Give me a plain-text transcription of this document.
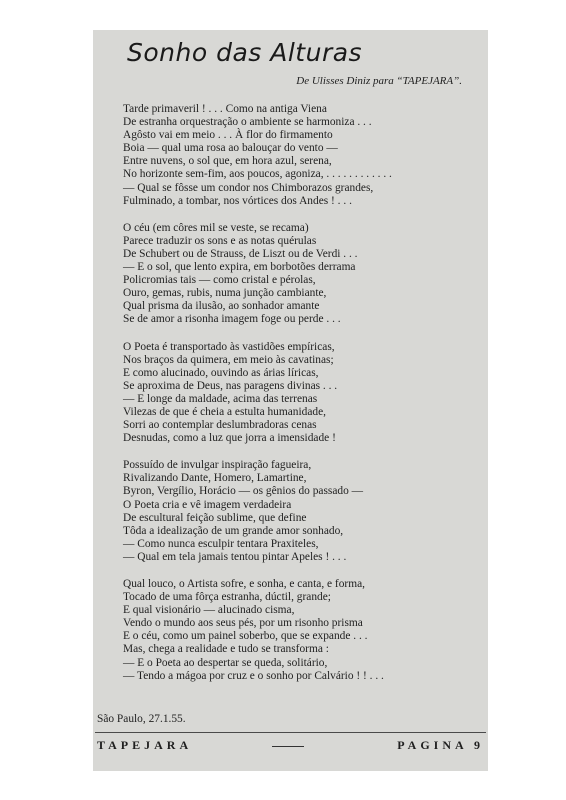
Sonho das Alturas
De Ulisses Diniz para “TAPEJARA”.
Tarde primaveril ! . . . Como na antiga Viena
De estranha orquestração o ambiente se harmoniza . . .
Agôsto vai em meio . . . À flor do firmamento
Boia — qual uma rosa ao balouçar do vento —
Entre nuvens, o sol que, em hora azul, serena,
No horizonte sem-fim, aos poucos, agoniza, . . . . . . . . . . . .
— Qual se fôsse um condor nos Chimborazos grandes,
Fulminado, a tombar, nos vórtices dos Andes ! . . .
O céu (em côres mil se veste, se recama)
Parece traduzir os sons e as notas quérulas
De Schubert ou de Strauss, de Liszt ou de Verdi . . .
— E o sol, que lento expira, em borbotões derrama
Policromias tais — como cristal e pérolas,
Ouro, gemas, rubis, numa junção cambiante,
Qual prisma da ilusão, ao sonhador amante
Se de amor a risonha imagem foge ou perde . . .
O Poeta é transportado às vastidões empíricas,
Nos braços da quimera, em meio às cavatinas;
E como alucinado, ouvindo as árias líricas,
Se aproxima de Deus, nas paragens divinas . . .
— E longe da maldade, acima das terrenas
Vilezas de que é cheia a estulta humanidade,
Sorri ao contemplar deslumbradoras cenas
Desnudas, como a luz que jorra a imensidade !
Possuído de invulgar inspiração fagueira,
Rivalizando Dante, Homero, Lamartine,
Byron, Vergílio, Horácio — os gênios do passado —
O Poeta cria e vê imagem verdadeira
De escultural feição sublime, que define
Tôda a idealização de um grande amor sonhado,
— Como nunca esculpir tentara Praxiteles,
— Qual em tela jamais tentou pintar Apeles ! . . .
Qual louco, o Artista sofre, e sonha, e canta, e forma,
Tocado de uma fôrça estranha, dúctil, grande;
E qual visionário — alucinado cisma,
Vendo o mundo aos seus pés, por um risonho prisma
E o céu, como um painel soberbo, que se expande . . .
Mas, chega a realidade e tudo se transforma :
— E o Poeta ao despertar se queda, solitário,
— Tendo a mágoa por cruz e o sonho por Calvário ! ! . . .
São Paulo, 27.1.55.
TAPEJARA	PAGINA 9
